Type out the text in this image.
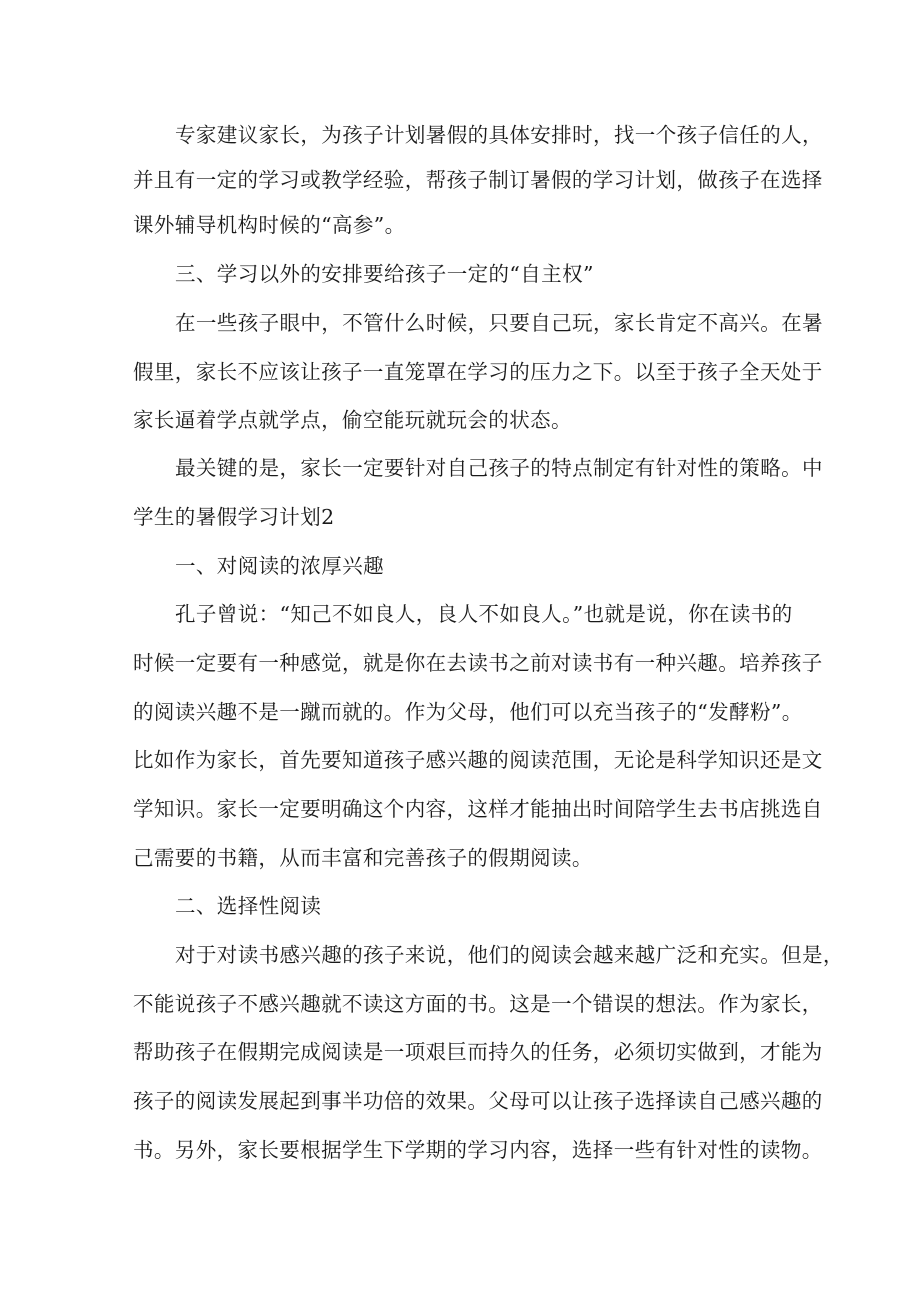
专家建议家长，为孩子计划暑假的具体安排时，找一个孩子信任的人，
并且有一定的学习或教学经验，帮孩子制订暑假的学习计划，做孩子在选择
课外辅导机构时候的“高参”。
三、学习以外的安排要给孩子一定的“自主权”
在一些孩子眼中，不管什么时候，只要自己玩，家长肯定不高兴。在暑
假里，家长不应该让孩子一直笼罩在学习的压力之下。以至于孩子全天处于
家长逼着学点就学点，偷空能玩就玩会的状态。
最关键的是，家长一定要针对自己孩子的特点制定有针对性的策略。中
学生的暑假学习计划2
一、对阅读的浓厚兴趣
孔子曾说：“知己不如良人，良人不如良人。”也就是说，你在读书的
时候一定要有一种感觉，就是你在去读书之前对读书有一种兴趣。培养孩子
的阅读兴趣不是一蹴而就的。作为父母，他们可以充当孩子的“发酵粉”。
比如作为家长，首先要知道孩子感兴趣的阅读范围，无论是科学知识还是文
学知识。家长一定要明确这个内容，这样才能抽出时间陪学生去书店挑选自
己需要的书籍，从而丰富和完善孩子的假期阅读。
二、选择性阅读
对于对读书感兴趣的孩子来说，他们的阅读会越来越广泛和充实。但是，
不能说孩子不感兴趣就不读这方面的书。这是一个错误的想法。作为家长，
帮助孩子在假期完成阅读是一项艰巨而持久的任务，必须切实做到，才能为
孩子的阅读发展起到事半功倍的效果。父母可以让孩子选择读自己感兴趣的
书。另外，家长要根据学生下学期的学习内容，选择一些有针对性的读物。
